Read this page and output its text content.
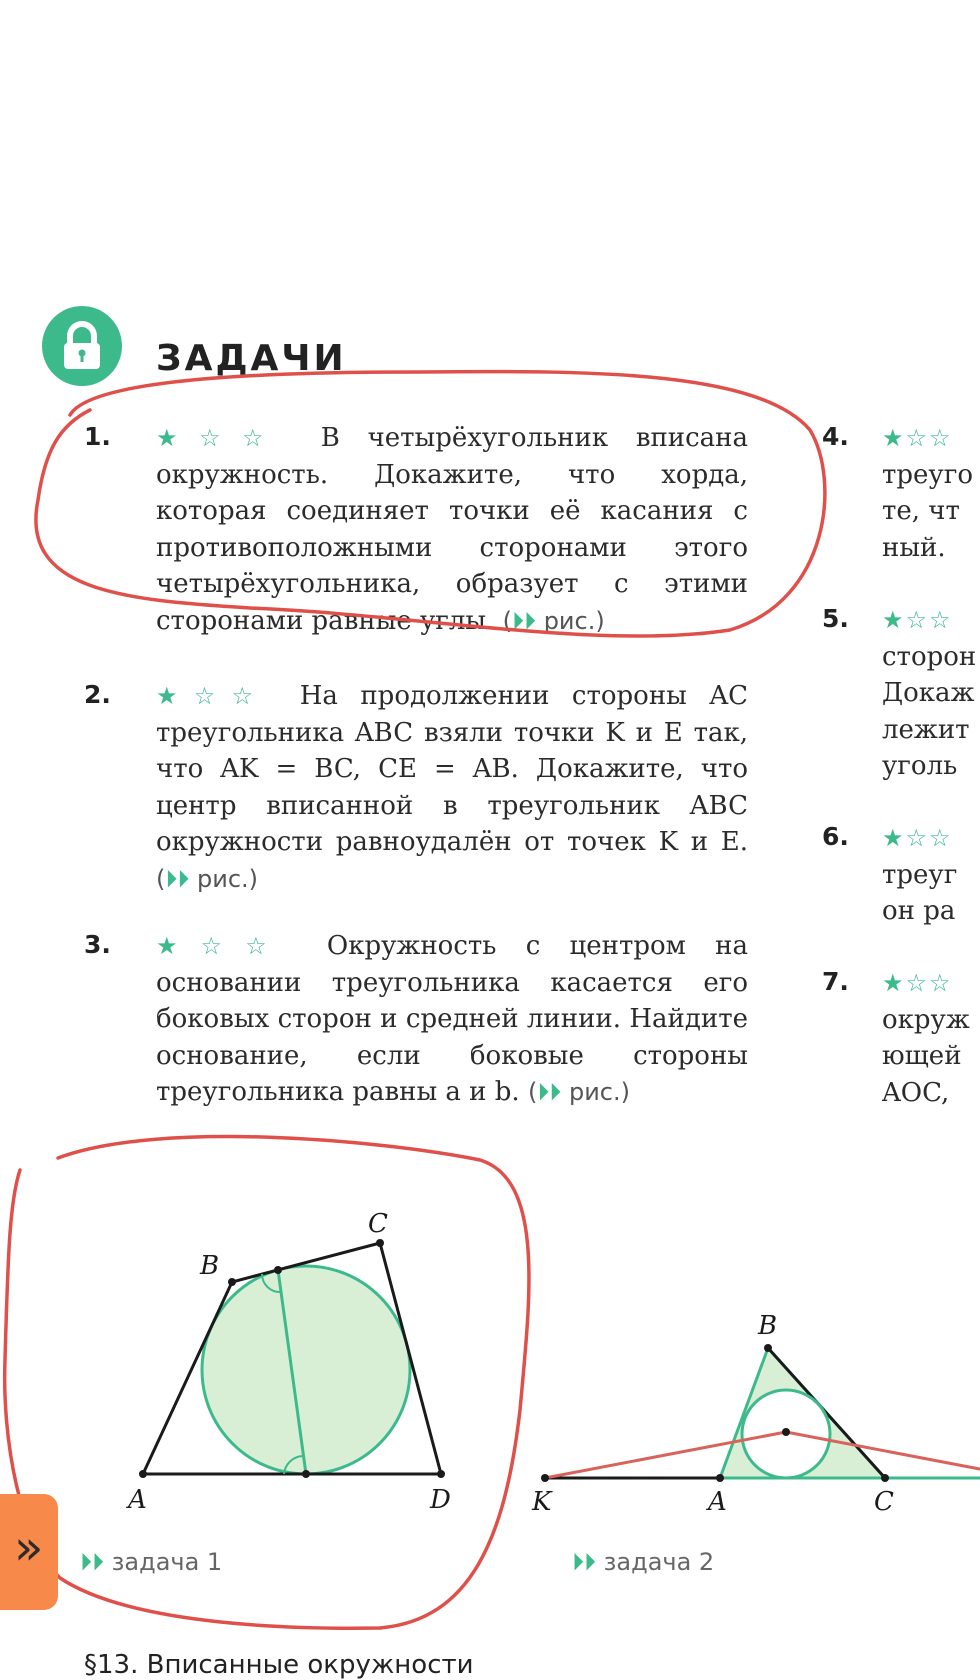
ЗАДАЧИ
1. ★☆☆ В четырёхугольник вписана окружность. Докажите, что хорда, которая соединяет точки её касания с противоположными сторонами этого четырёхугольника, образует с этими сторонами равные углы. (⏵⏵ рис.)
2. ★☆☆ На продолжении стороны AC треугольника ABC взяли точки K и E так, что AK = BC, CE = AB. Докажите, что центр вписанной в треугольник ABC окружности равноудалён от точек K и E. (⏵⏵ рис.)
3. ★☆☆ Окружность с центром на основании треугольника касается его боковых сторон и средней линии. Найдите основание, если боковые стороны треугольника равны a и b. (⏵⏵ рис.)
4. ★☆☆
треуго
те, чт
ный.
5. ★☆☆
сторон
Докаж
лежит
уголь
6. ★☆☆
треуг
он ра
7. ★☆☆
окруж
ющей
AOC,
A
B
C
D	K	A
B
C
⏵⏵ задача 1	⏵⏵ задача 2
»
§13. Вписанные окружности
